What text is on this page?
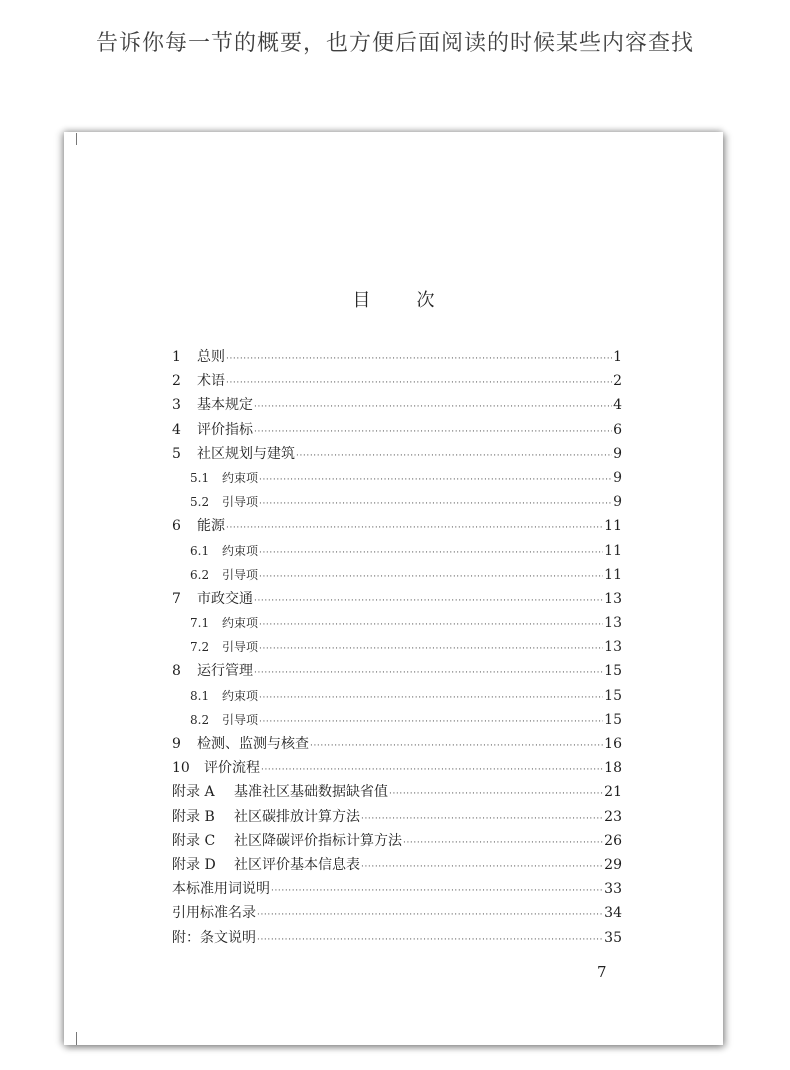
告诉你每一节的概要，也方便后面阅读的时候某些内容查找
目	次
1	总则 ·····	1
2	术语 ·····	2
3	基本规定 ·····	4
4	评价指标 ·····	6
5	社区规划与建筑 ·····	9
5.1	约束项 ·····	9
5.2	引导项 ·····	9
6	能源 ·····	11
6.1	约束项 ·····	11
6.2	引导项 ·····	11
7	市政交通 ·····	13
7.1	约束项 ·····	13
7.2	引导项 ·····	13
8	运行管理 ·····	15
8.1	约束项 ·····	15
8.2	引导项 ·····	15
9	检测、监测与核查 ·····	16
10	评价流程 ·····	18
附录 A	基准社区基础数据缺省值 ·····	21
附录 B	社区碳排放计算方法 ·····	23
附录 C	社区降碳评价指标计算方法 ·····	26
附录 D	社区评价基本信息表 ·····	29
本标准用词说明 ·····	33
引用标准名录 ·····	34
附：条文说明 ·····	35
7
